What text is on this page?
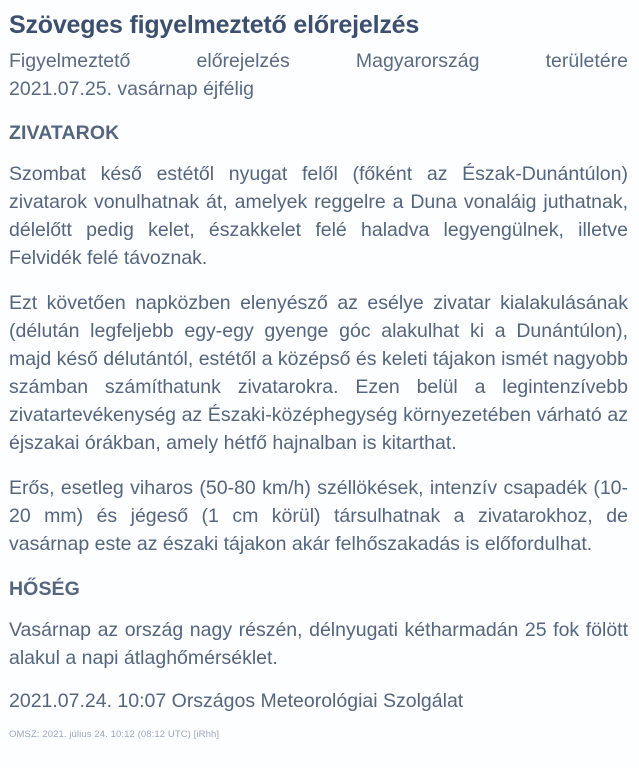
Szöveges figyelmeztető előrejelzés
Figyelmeztető előrejelzés Magyarország területére
2021.07.25. vasárnap éjfélig
ZIVATAROK

Szombat késő estétől nyugat felől (főként az Észak-Dunántúlon) zivatarok vonulhatnak át, amelyek reggelre a Duna vonaláig juthatnak, délelőtt pedig kelet, északkelet felé haladva legyengülnek, illetve Felvidék felé távoznak.

Ezt követően napközben elenyésző az esélye zivatar kialakulásának (délután legfeljebb egy-egy gyenge góc alakulhat ki a Dunántúlon), majd késő délutántól, estétől a középső és keleti tájakon ismét nagyobb számban számíthatunk zivatarokra. Ezen belül a legintenzívebb zivatartevékenység az Északi-középhegység környezetében várható az éjszakai órákban, amely hétfő hajnalban is kitarthat.

Erős, esetleg viharos (50-80 km/h) széllökések, intenzív csapadék (10-20 mm) és jégeső (1 cm körül) társulhatnak a zivatarokhoz, de vasárnap este az északi tájakon akár felhőszakadás is előfordulhat.

HŐSÉG

Vasárnap az ország nagy részén, délnyugati kétharmadán 25 fok fölött alakul a napi átlaghőmérséklet.

2021.07.24. 10:07 Országos Meteorológiai Szolgálat
OMSZ: 2021. július 24. 10:12 (08:12 UTC) [iRhh]
